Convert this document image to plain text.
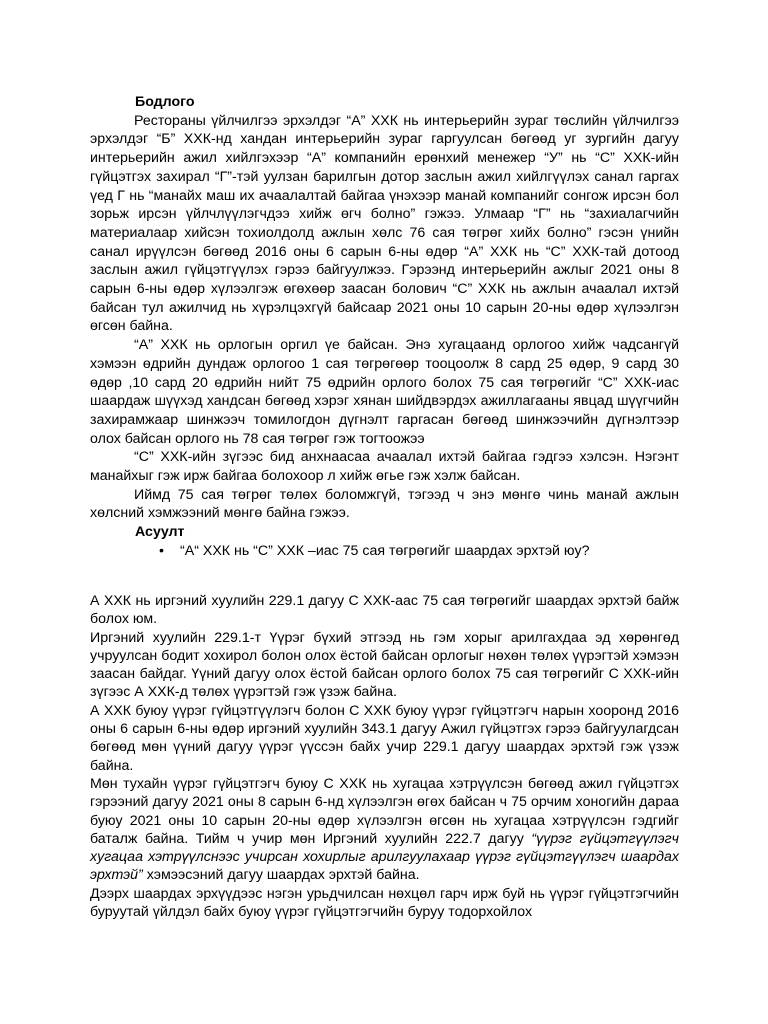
Бодлого

Рестораны үйлчилгээ эрхэлдэг “А” ХХК нь интерьерийн зураг төслийн үйлчилгээ эрхэлдэг “Б” ХХК-нд хандан интерьерийн зураг гаргуулсан бөгөөд уг зургийн дагуу интерьерийн ажил хийлгэхээр “А” компанийн ерөнхий менежер “У” нь “С” ХХК-ийн гүйцэтгэх захирал “Г”-тэй уулзан барилгын дотор заслын ажил хийлгүүлэх санал гаргах үед Г нь “манайх маш их ачаалалтай байгаа үнэхээр манай компанийг сонгож ирсэн бол зорьж ирсэн үйлчлүүлэгчдээ хийж өгч болно” гэжээ. Улмаар “Г” нь “захиалагчийн материалаар хийсэн тохиолдолд ажлын хөлс 76 сая төгрөг хийх болно” гэсэн үнийн санал ирүүлсэн бөгөөд 2016 оны 6 сарын 6-ны өдөр “А” ХХК нь “С” ХХК-тай дотоод заслын ажил гүйцэтгүүлэх гэрээ байгуулжээ. Гэрээнд интерьерийн ажлыг 2021 оны 8 сарын 6-ны өдөр хүлээлгэж өгөхөөр заасан болович “С” ХХК нь ажлын ачаалал ихтэй байсан тул ажилчид нь хүрэлцэхгүй байсаар 2021 оны 10 сарын 20-ны өдөр хүлээлгэн өгсөн байна.

“А” ХХК нь орлогын оргил үе байсан. Энэ хугацаанд орлогоо хийж чадсангүй хэмээн өдрийн дундаж орлогоо 1 сая төгрөгөөр тооцоолж 8 сард 25 өдөр, 9 сард 30 өдөр ,10 сард 20 өдрийн нийт 75 өдрийн орлого болох 75 сая төгрөгийг “С” ХХК-иас шаардаж шүүхэд хандсан бөгөөд хэрэг хянан шийдвэрдэх ажиллагааны явцад шүүгчийн захирамжаар шинжээч томилогдон дүгнэлт гаргасан бөгөөд шинжээчийн дүгнэлтээр олох байсан орлого нь 78 сая төгрөг гэж тогтоожээ

“С” ХХК-ийн зүгээс бид анхнаасаа ачаалал ихтэй байгаа гэдгээ хэлсэн. Нэгэнт манайхыг гэж ирж байгаа болохоор л хийж өгье гэж хэлж байсан.

Иймд 75 сая төгрөг төлөх боломжгүй, тэгээд ч энэ мөнгө чинь манай ажлын хөлсний хэмжээний мөнгө байна гэжээ.

Асуулт

• “А“ ХХК нь “С” ХХК –иас 75 сая төгрөгийг шаардах эрхтэй юу?

А ХХК нь иргэний хуулийн 229.1 дагуу С ХХК-аас 75 сая төгрөгийг шаардах эрхтэй байж болох юм.

Иргэний хуулийн 229.1-т Үүрэг бүхий этгээд нь гэм хорыг арилгахдаа эд хөрөнгөд учруулсан бодит хохирол болон олох ёстой байсан орлогыг нөхөн төлөх үүрэгтэй хэмээн заасан байдаг. Үүний дагуу олох ёстой байсан орлого болох 75 сая төгрөгийг С ХХК-ийн зүгээс А ХХК-д төлөх үүрэгтэй гэж үзэж байна.

А ХХК буюу үүрэг гүйцэтгүүлэгч болон С ХХК буюу үүрэг гүйцэтгэгч нарын хооронд 2016 оны 6 сарын 6-ны өдөр иргэний хуулийн 343.1 дагуу Ажил гүйцэтгэх гэрээ байгуулагдсан бөгөөд мөн үүний дагуу үүрэг үүссэн байх учир 229.1 дагуу шаардах эрхтэй гэж үзэж байна.

Мөн тухайн үүрэг гүйцэтгэгч буюу С ХХК нь хугацаа хэтрүүлсэн бөгөөд ажил гүйцэтгэх гэрээний дагуу 2021 оны 8 сарын 6-нд хүлээлгэн өгөх байсан ч 75 орчим хоногийн дараа буюу 2021 оны 10 сарын 20-ны өдөр хүлээлгэн өгсөн нь хугацаа хэтрүүлсэн гэдгийг баталж байна. Тийм ч учир мөн Иргэний хуулийн 222.7 дагуу “үүрэг гүйцэтгүүлэгч хугацаа хэтрүүлснээс учирсан хохирлыг арилгуулахаар үүрэг гүйцэтгүүлэгч шаардах эрхтэй” хэмээсэний дагуу шаардах эрхтэй байна.

Дээрх шаардах эрхүүдээс нэгэн урьдчилсан нөхцөл гарч ирж буй нь үүрэг гүйцэтгэгчийн буруутай үйлдэл байх буюу үүрэг гүйцэтгэгчийн буруу тодорхойлох
